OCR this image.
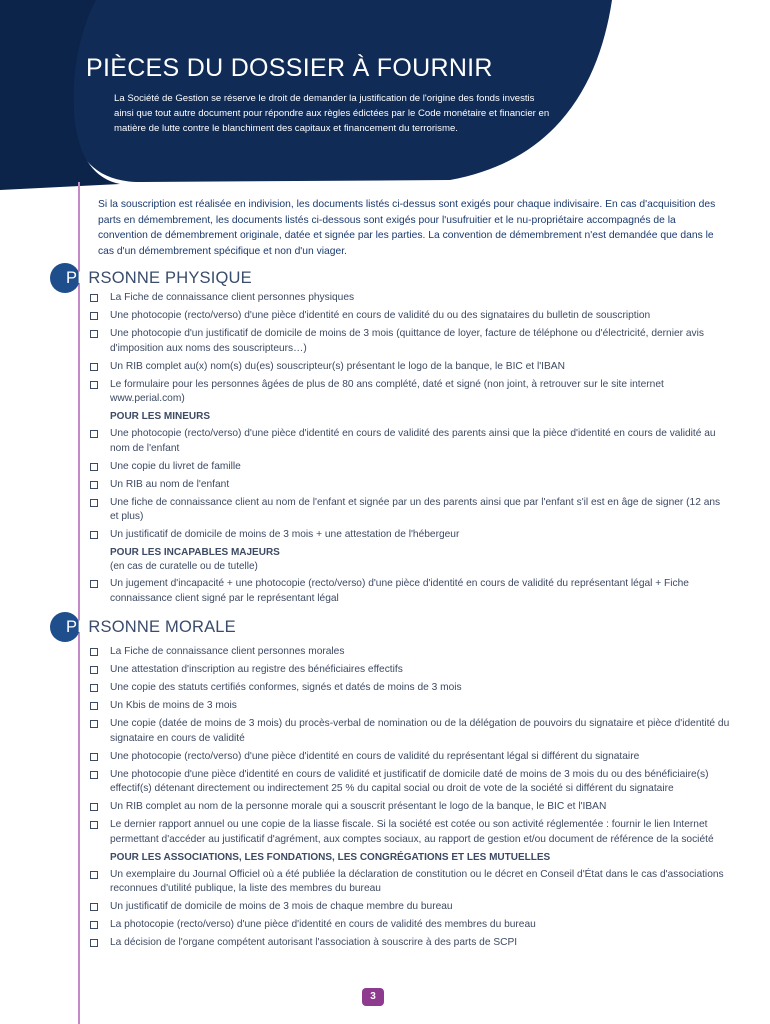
PIÈCES DU DOSSIER À FOURNIR
La Société de Gestion se réserve le droit de demander la justification de l'origine des fonds investis ainsi que tout autre document pour répondre aux règles édictées par le Code monétaire et financier en matière de lutte contre le blanchiment des capitaux et financement du terrorisme.
Si la souscription est réalisée en indivision, les documents listés ci-dessus sont exigés pour chaque indivisaire. En cas d'acquisition des parts en démembrement, les documents listés ci-dessous sont exigés pour l'usufruitier et le nu-propriétaire accompagnés de la convention de démembrement originale, datée et signée par les parties. La convention de démembrement n'est demandée que dans le cas d'un démembrement spécifique et non d'un viager.
PERSONNE PHYSIQUE
La Fiche de connaissance client personnes physiques
Une photocopie (recto/verso) d'une pièce d'identité en cours de validité du ou des signataires du bulletin de souscription
Une photocopie d'un justificatif de domicile de moins de 3 mois (quittance de loyer, facture de téléphone ou d'électricité, dernier avis d'imposition aux noms des souscripteurs…)
Un RIB complet au(x) nom(s) du(es) souscripteur(s) présentant le logo de la banque, le BIC et l'IBAN
Le formulaire pour les personnes âgées de plus de 80 ans complété, daté et signé (non joint, à retrouver sur le site internet www.perial.com)

POUR LES MINEURS

Une photocopie (recto/verso) d'une pièce d'identité en cours de validité des parents ainsi que la pièce d'identité en cours de validité au nom de l'enfant
Une copie du livret de famille
Un RIB au nom de l'enfant
Une fiche de connaissance client au nom de l'enfant et signée par un des parents ainsi que par l'enfant s'il est en âge de signer (12 ans et plus)
Un justificatif de domicile de moins de 3 mois + une attestation de l'hébergeur

POUR LES INCAPABLES MAJEURS
(en cas de curatelle ou de tutelle)

Un jugement d'incapacité + une photocopie (recto/verso) d'une pièce d'identité en cours de validité du représentant légal + Fiche connaissance client signé par le représentant légal
PERSONNE MORALE
La Fiche de connaissance client personnes morales
Une attestation d'inscription au registre des bénéficiaires effectifs
Une copie des statuts certifiés conformes, signés et datés de moins de 3 mois
Un Kbis de moins de 3 mois
Une copie (datée de moins de 3 mois) du procès-verbal de nomination ou de la délégation de pouvoirs du signataire et pièce d'identité du signataire en cours de validité
Une photocopie (recto/verso) d'une pièce d'identité en cours de validité du représentant légal si différent du signataire
Une photocopie d'une pièce d'identité en cours de validité et justificatif de domicile daté de moins de 3 mois du ou des bénéficiaire(s) effectif(s) détenant directement ou indirectement 25 % du capital social ou droit de vote de la société si différent du signataire
Un RIB complet au nom de la personne morale qui a souscrit présentant le logo de la banque, le BIC et l'IBAN
Le dernier rapport annuel ou une copie de la liasse fiscale. Si la société est cotée ou son activité réglementée : fournir le lien Internet permettant d'accéder au justificatif d'agrément, aux comptes sociaux, au rapport de gestion et/ou document de référence de la société

POUR LES ASSOCIATIONS, LES FONDATIONS, LES CONGRÉGATIONS ET LES MUTUELLES

Un exemplaire du Journal Officiel où a été publiée la déclaration de constitution ou le décret en Conseil d'État dans le cas d'associations reconnues d'utilité publique, la liste des membres du bureau
Un justificatif de domicile de moins de 3 mois de chaque membre du bureau
La photocopie (recto/verso) d'une pièce d'identité en cours de validité des membres du bureau
La décision de l'organe compétent autorisant l'association à souscrire à des parts de SCPI
3
